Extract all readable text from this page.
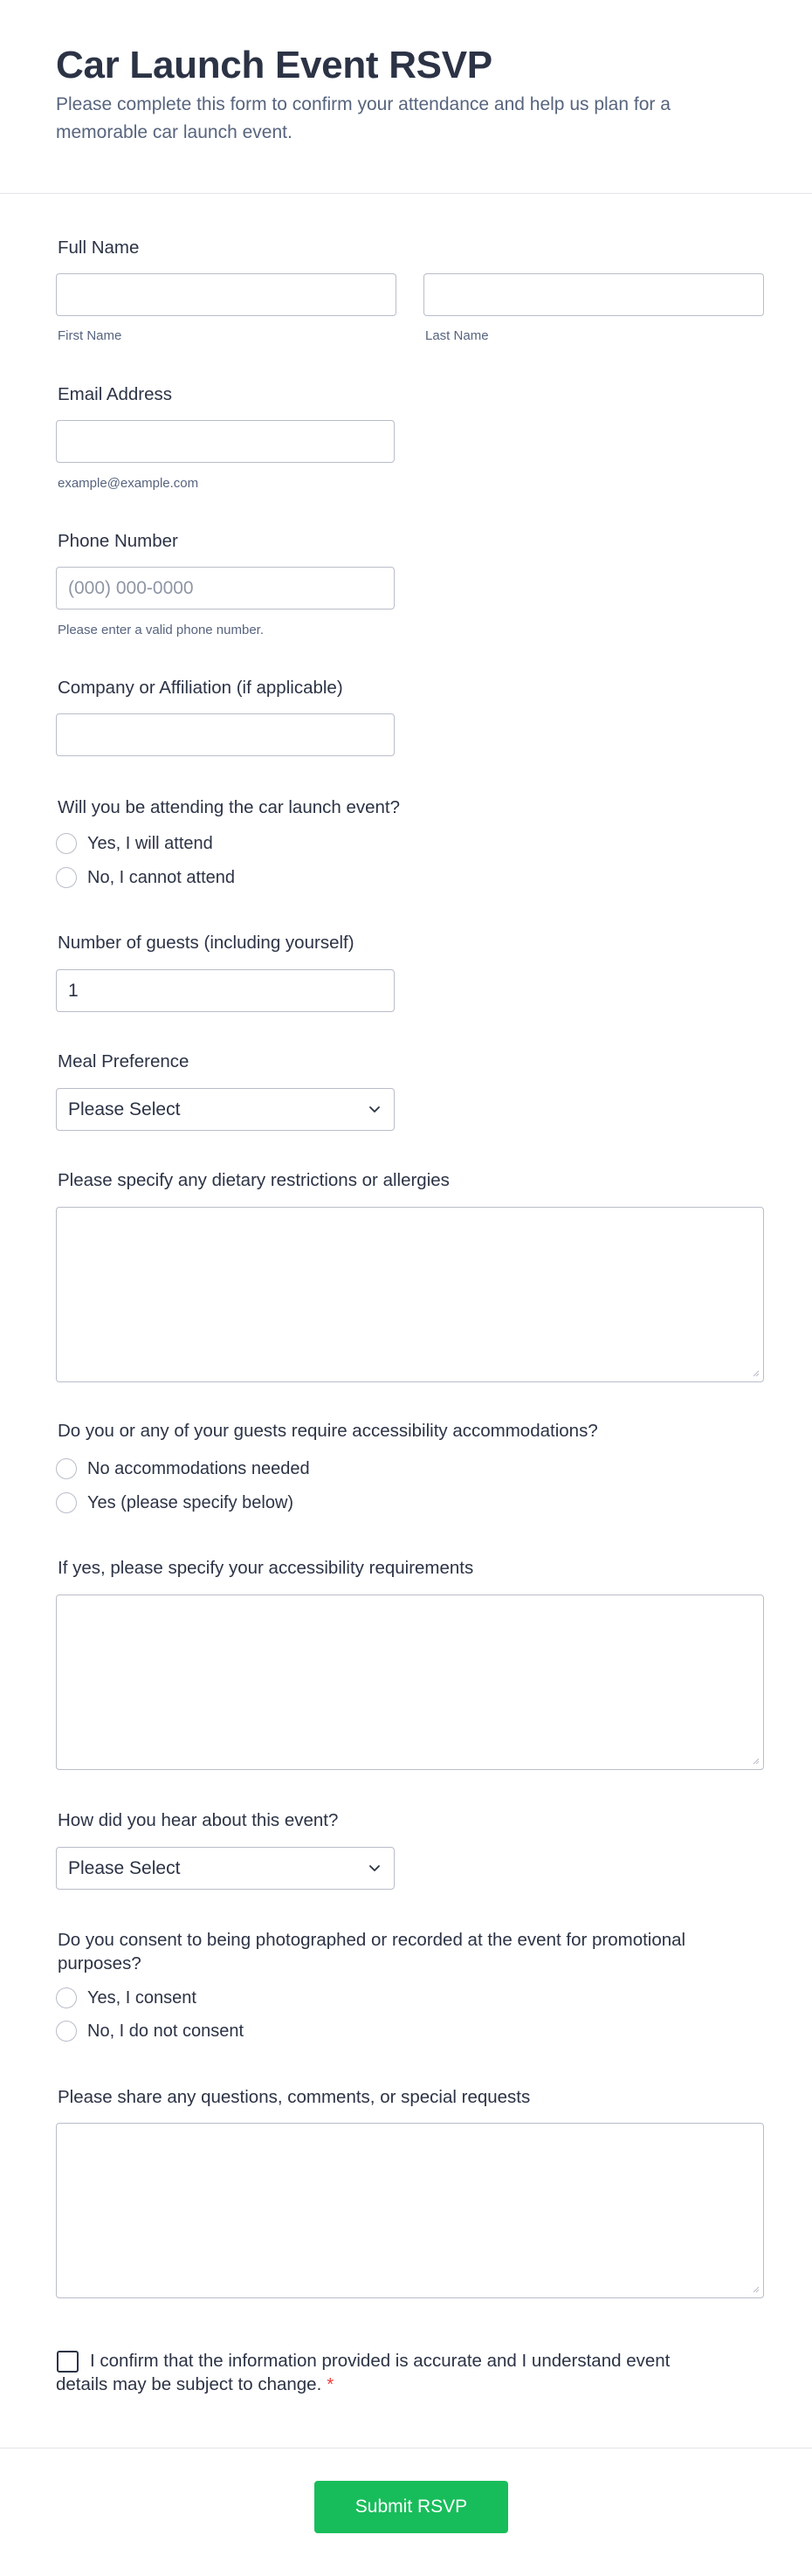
Car Launch Event RSVP

Please complete this form to confirm your attendance and help us plan for a memorable car launch event.

Full Name
First Name	Last Name
Email Address
example@example.com
Phone Number
(000) 000-0000
Please enter a valid phone number.
Company or Affiliation (if applicable)
Will you be attending the car launch event?
Yes, I will attend
No, I cannot attend
Number of guests (including yourself)
1
Meal Preference
Please Select
Please specify any dietary restrictions or allergies
Do you or any of your guests require accessibility accommodations?
No accommodations needed
Yes (please specify below)
If yes, please specify your accessibility requirements
How did you hear about this event?
Please Select
Do you consent to being photographed or recorded at the event for promotional purposes?
Yes, I consent
No, I do not consent
Please share any questions, comments, or special requests

I confirm that the information provided is accurate and I understand event details may be subject to change. *

Submit RSVP
